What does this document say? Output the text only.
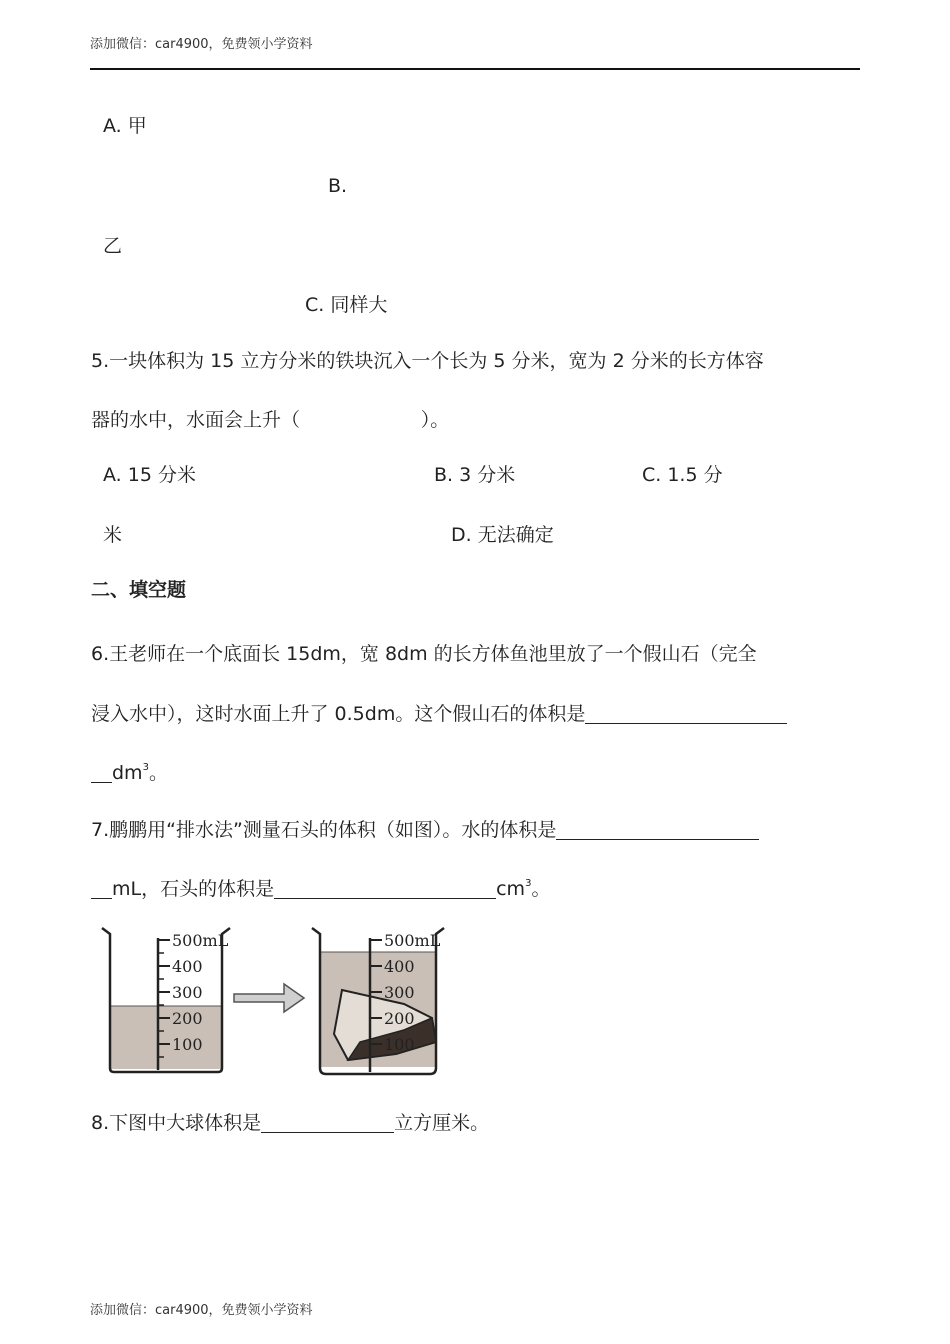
添加微信：car4900，免费领小学资料
A. 甲
B.
乙
C. 同样大
5.一块体积为 15 立方分米的铁块沉入一个长为 5 分米，宽为 2 分米的长方体容
器的水中，水面会上升（                    ）。
A. 15 分米	B. 3 分米	C. 1.5 分
米	D. 无法确定
二、填空题
6.王老师在一个底面长 15dm，宽 8dm 的长方体鱼池里放了一个假山石（完全
浸入水中），这时水面上升了 0.5dm。这个假山石的体积是
$dm^3$。
7.鹏鹏用“排水法”测量石头的体积（如图）。水的体积是
mL，石头的体积是	$cm^3$。
500mL
400
300
200
100
500mL
400
300
200
100
8.下图中大球体积是	立方厘米。
添加微信：car4900，免费领小学资料
